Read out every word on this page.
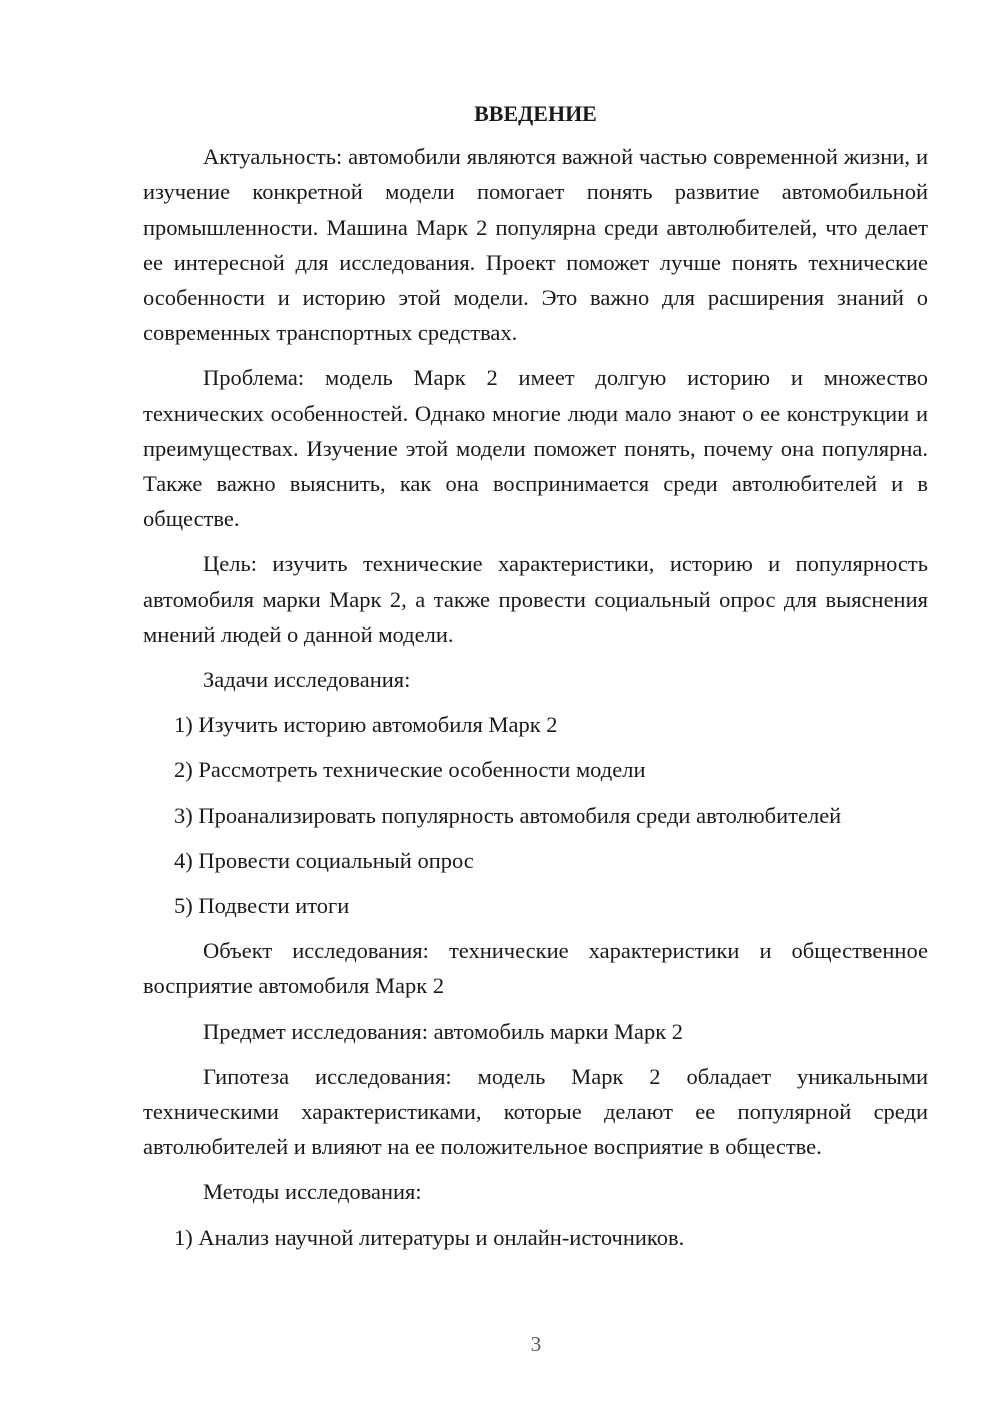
ВВЕДЕНИЕ

Актуальность: автомобили являются важной частью современной жизни, и изучение конкретной модели помогает понять развитие автомобильной промышленности. Машина Марк 2 популярна среди автолюбителей, что делает ее интересной для исследования. Проект поможет лучше понять технические особенности и историю этой модели. Это важно для расширения знаний о современных транспортных средствах.

Проблема: модель Марк 2 имеет долгую историю и множество технических особенностей. Однако многие люди мало знают о ее конструкции и преимуществах. Изучение этой модели поможет понять, почему она популярна. Также важно выяснить, как она воспринимается среди автолюбителей и в обществе.

Цель: изучить технические характеристики, историю и популярность автомобиля марки Марк 2, а также провести социальный опрос для выяснения мнений людей о данной модели.

Задачи исследования:

1) Изучить историю автомобиля Марк 2
2) Рассмотреть технические особенности модели
3) Проанализировать популярность автомобиля среди автолюбителей
4) Провести социальный опрос
5) Подвести итоги

Объект исследования: технические характеристики и общественное восприятие автомобиля Марк 2

Предмет исследования: автомобиль марки Марк 2

Гипотеза исследования: модель Марк 2 обладает уникальными техническими характеристиками, которые делают ее популярной среди автолюбителей и влияют на ее положительное восприятие в обществе.

Методы исследования:

1) Анализ научной литературы и онлайн-источников.
3
